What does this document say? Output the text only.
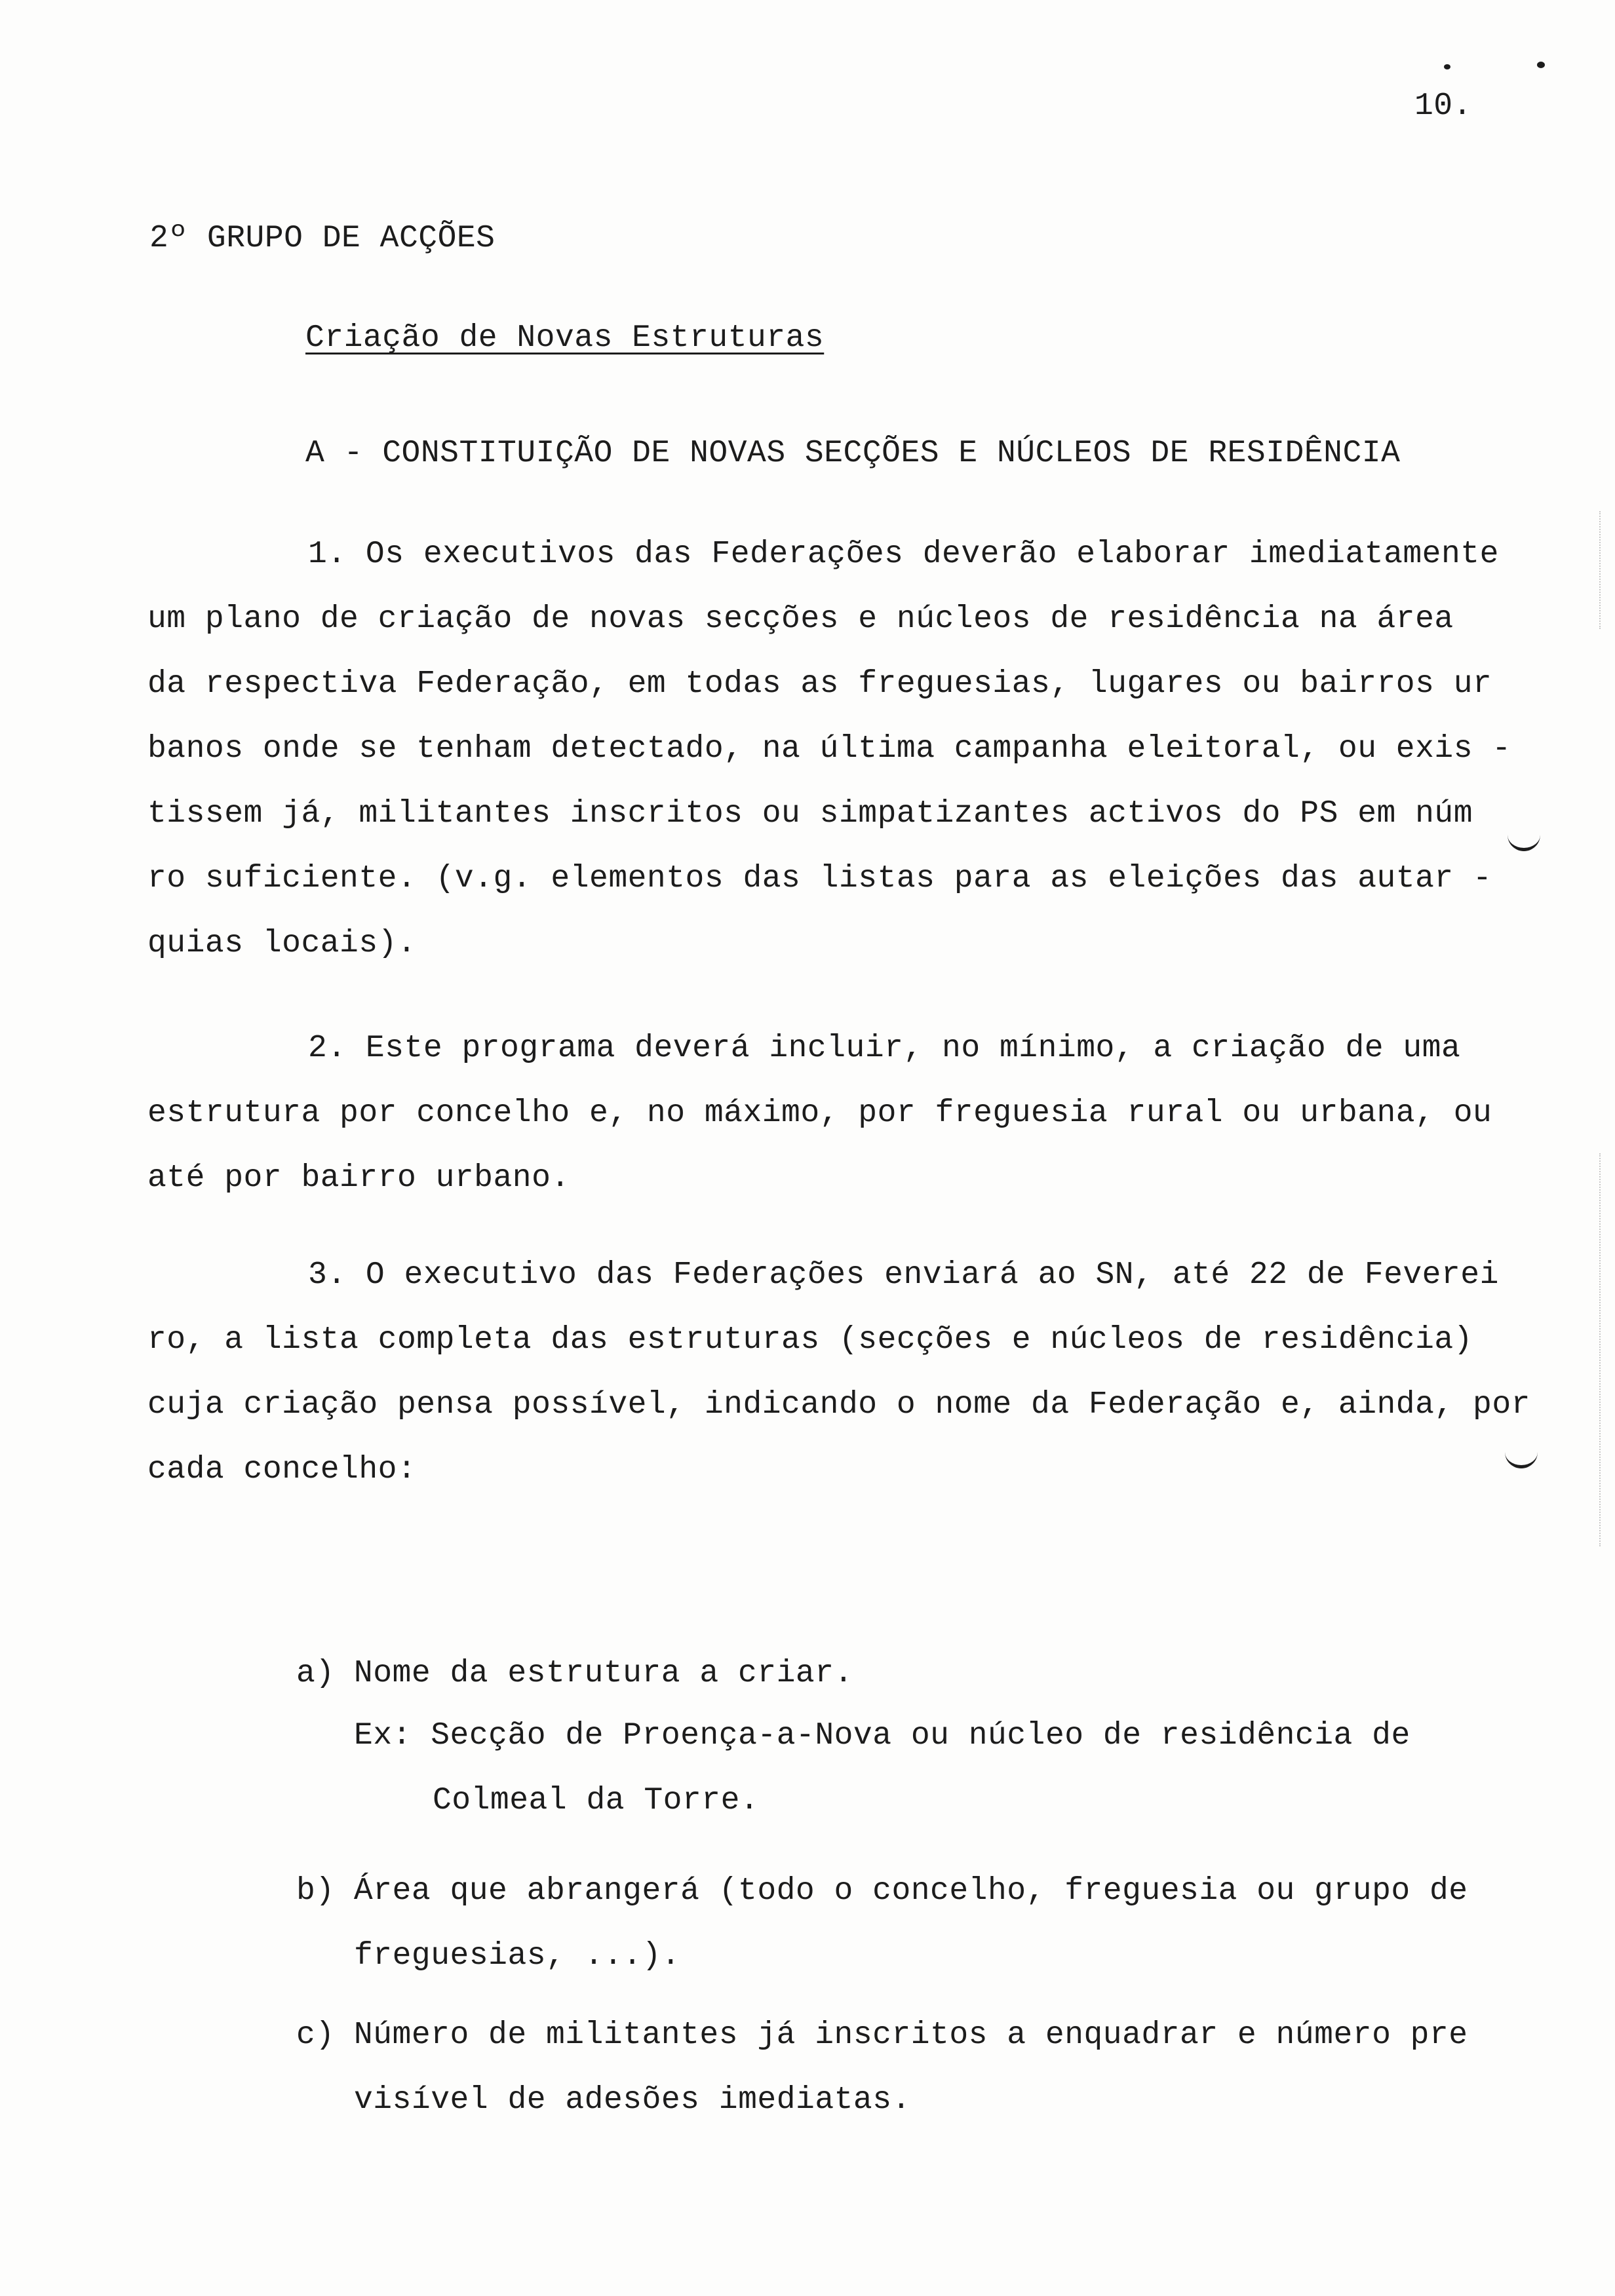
10.
2º GRUPO DE ACÇÕES
Criação de Novas Estruturas
A - CONSTITUIÇÃO DE NOVAS SECÇÕES E NÚCLEOS DE RESIDÊNCIA
1. Os executivos das Federações deverão elaborar imediatamente
um plano de criação de novas secções e núcleos de residência na área
da respectiva Federação, em todas as freguesias, lugares ou bairros ur
banos onde se tenham detectado, na última campanha eleitoral, ou exis -
tissem já, militantes inscritos ou simpatizantes activos do PS em núm
ro suficiente. (v.g. elementos das listas para as eleições das autar -
quias locais).
2. Este programa deverá incluir, no mínimo, a criação de uma
estrutura por concelho e, no máximo, por freguesia rural ou urbana, ou
até por bairro urbano.
3. O executivo das Federações enviará ao SN, até 22 de Feverei
ro, a lista completa das estruturas (secções e núcleos de residência)
cuja criação pensa possível, indicando o nome da Federação e, ainda, por
cada concelho:
a) Nome da estrutura a criar.
Ex: Secção de Proença-a-Nova ou núcleo de residência de
Colmeal da Torre.
b) Área que abrangerá (todo o concelho, freguesia ou grupo de
freguesias, ...).
c) Número de militantes já inscritos a enquadrar e número pre
visível de adesões imediatas.
